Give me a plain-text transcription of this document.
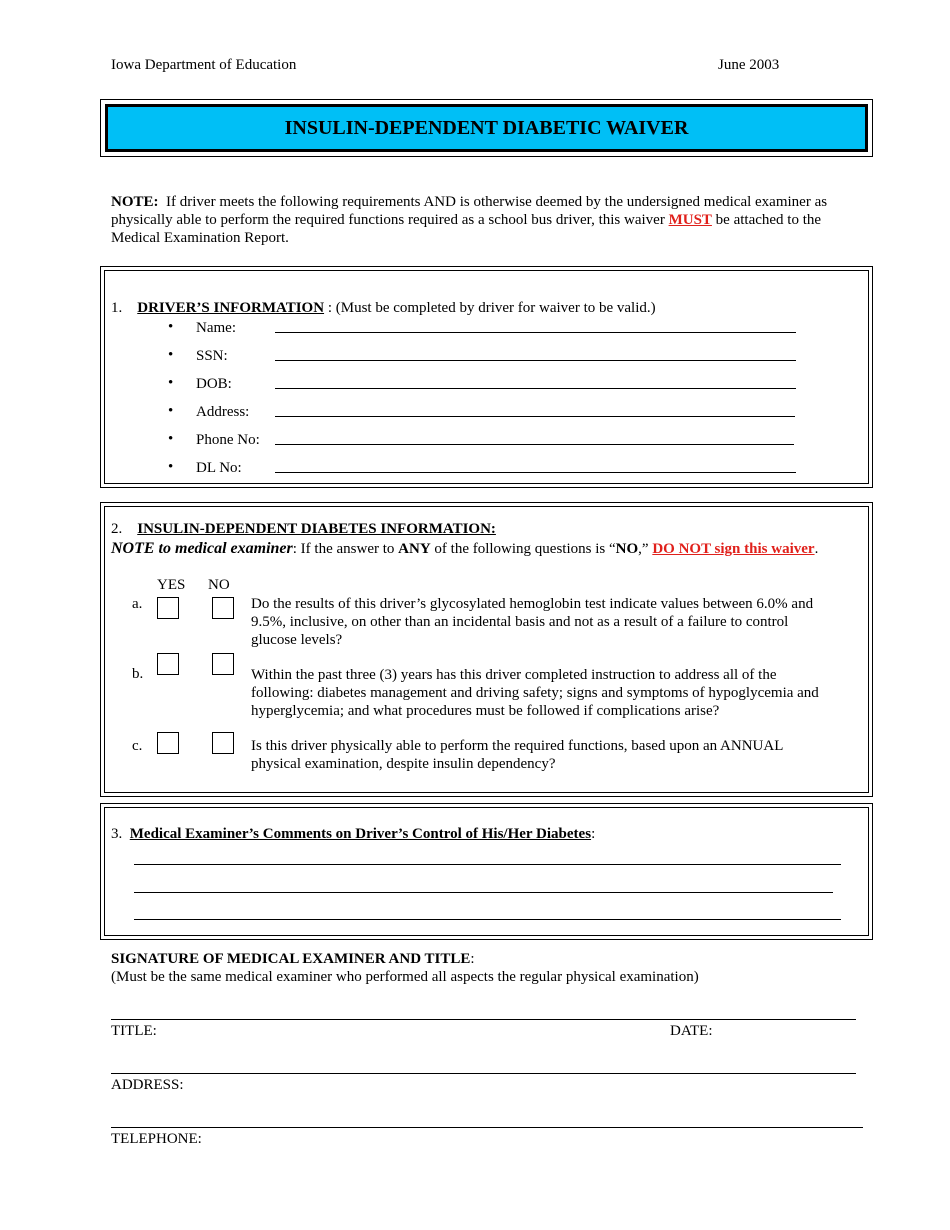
Iowa Department of Education	June 2003
INSULIN-DEPENDENT DIABETIC WAIVER
NOTE: If driver meets the following requirements AND is otherwise deemed by the undersigned medical examiner as physically able to perform the required functions required as a school bus driver, this waiver MUST be attached to the Medical Examination Report.
1. DRIVER’S INFORMATION : (Must be completed by driver for waiver to be valid.)
• Name:
• SSN:
• DOB:
• Address:
• Phone No:
• DL No:
2. INSULIN-DEPENDENT DIABETES INFORMATION:
NOTE to medical examiner: If the answer to ANY of the following questions is “NO,” DO NOT sign this waiver.
YES NO
a.	Do the results of this driver’s glycosylated hemoglobin test indicate values between 6.0% and 9.5%, inclusive, on other than an incidental basis and not as a result of a failure to control glucose levels?
b.	Within the past three (3) years has this driver completed instruction to address all of the following: diabetes management and driving safety; signs and symptoms of hypoglycemia and hyperglycemia; and what procedures must be followed if complications arise?
c.	Is this driver physically able to perform the required functions, based upon an ANNUAL physical examination, despite insulin dependency?
3. Medical Examiner’s Comments on Driver’s Control of His/Her Diabetes:
SIGNATURE OF MEDICAL EXAMINER AND TITLE:
(Must be the same medical examiner who performed all aspects the regular physical examination)
TITLE:	DATE:
ADDRESS:
TELEPHONE:
